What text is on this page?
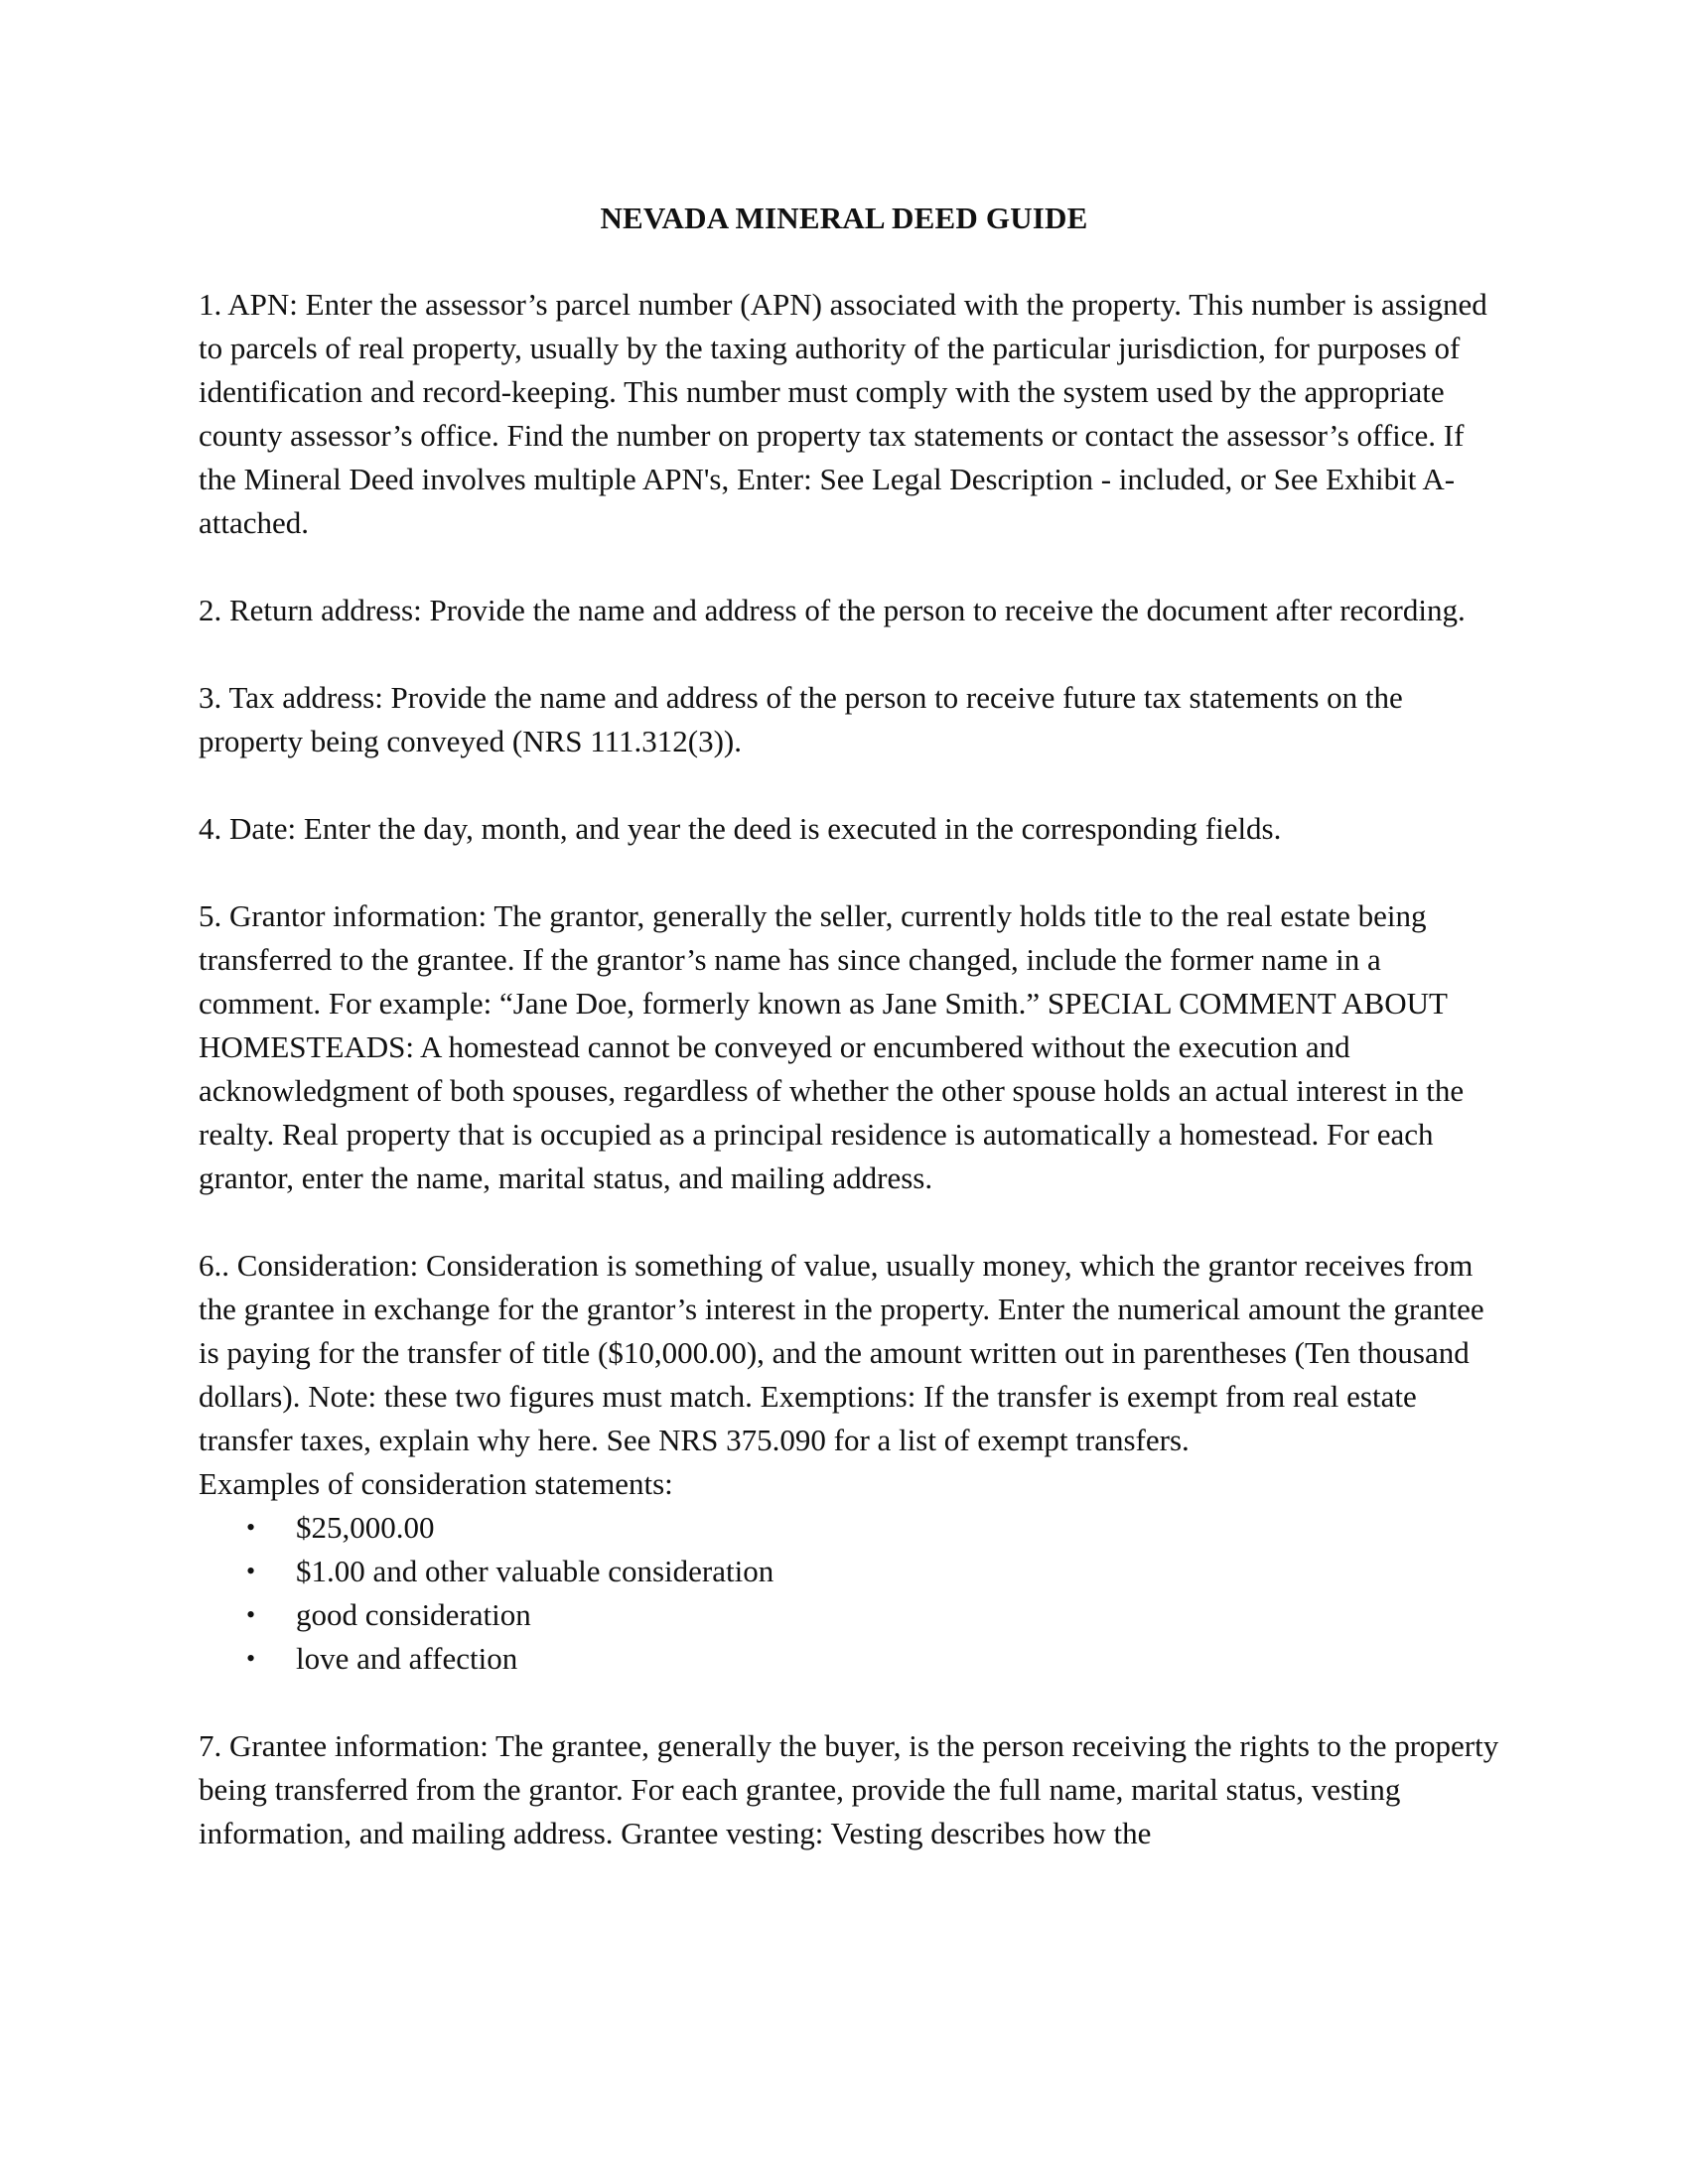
NEVADA MINERAL DEED GUIDE

1. APN: Enter the assessor’s parcel number (APN) associated with the property. This number is assigned to parcels of real property, usually by the taxing authority of the particular jurisdiction, for purposes of identification and record-keeping. This number must comply with the system used by the appropriate county assessor’s office. Find the number on property tax statements or contact the assessor’s office. If the Mineral Deed involves multiple APN's, Enter: See Legal Description - included, or See Exhibit A-attached.

2. Return address: Provide the name and address of the person to receive the document after recording.

3. Tax address: Provide the name and address of the person to receive future tax statements on the property being conveyed (NRS 111.312(3)).

4. Date: Enter the day, month, and year the deed is executed in the corresponding fields.

5. Grantor information: The grantor, generally the seller, currently holds title to the real estate being transferred to the grantee. If the grantor’s name has since changed, include the former name in a comment. For example: “Jane Doe, formerly known as Jane Smith.” SPECIAL COMMENT ABOUT HOMESTEADS: A homestead cannot be conveyed or encumbered without the execution and acknowledgment of both spouses, regardless of whether the other spouse holds an actual interest in the realty. Real property that is occupied as a principal residence is automatically a homestead. For each grantor, enter the name, marital status, and mailing address.

6.. Consideration: Consideration is something of value, usually money, which the grantor receives from the grantee in exchange for the grantor’s interest in the property. Enter the numerical amount the grantee is paying for the transfer of title ($10,000.00), and the amount written out in parentheses (Ten thousand dollars). Note: these two figures must match. Exemptions: If the transfer is exempt from real estate transfer taxes, explain why here. See NRS 375.090 for a list of exempt transfers.

Examples of consideration statements:

• $25,000.00
• $1.00 and other valuable consideration
• good consideration
• love and affection

7. Grantee information: The grantee, generally the buyer, is the person receiving the rights to the property being transferred from the grantor. For each grantee, provide the full name, marital status, vesting information, and mailing address. Grantee vesting: Vesting describes how the
